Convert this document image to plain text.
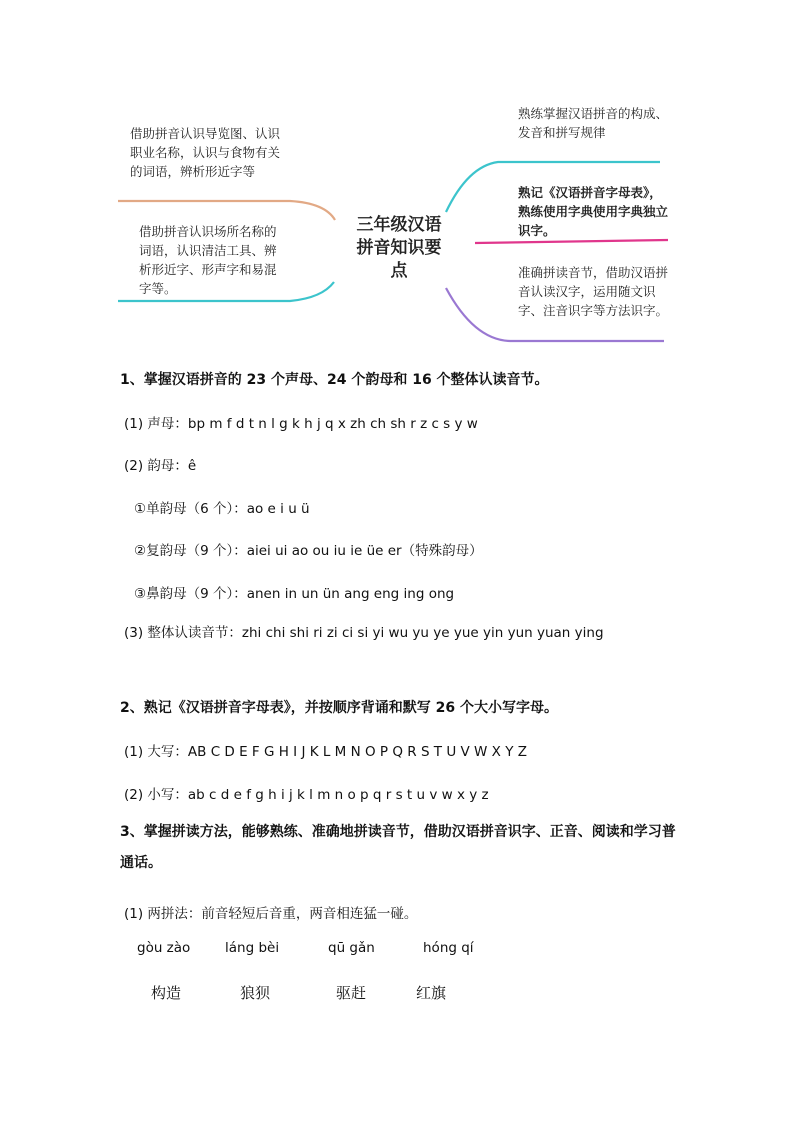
三年级汉语拼音知识要点
借助拼音认识导览图、认识职业名称，认识与食物有关的词语，辨析形近字等
借助拼音认识场所名称的词语，认识清洁工具、辨析形近字、形声字和易混字等。
熟练掌握汉语拼音的构成、发音和拼写规律
熟记《汉语拼音字母表》，熟练使用字典使用字典独立识字。
准确拼读音节，借助汉语拼音认读汉字，运用随文识字、注音识字等方法识字。
1、掌握汉语拼音的 23 个声母、24 个韵母和 16 个整体认读音节。
(1) 声母：bp m f d t n l g k h j q x zh ch sh r z c s y w
(2) 韵母：ê
①单韵母（6 个）：ao e i u ü
②复韵母（9 个）：aiei ui ao ou iu ie üe er（特殊韵母）
③鼻韵母（9 个）：anen in un ün ang eng ing ong
(3) 整体认读音节：zhi chi shi ri zi ci si yi wu yu ye yue yin yun yuan ying
2、熟记《汉语拼音字母表》，并按顺序背诵和默写 26 个大小写字母。
(1) 大写：AB C D E F G H I J K L M N O P Q R S T U V W X Y Z
(2) 小写：ab c d e f g h i j k l m n o p q r s t u v w x y z
3、掌握拼读方法，能够熟练、准确地拼读音节，借助汉语拼音识字、正音、阅读和学习普通话。
(1) 两拼法：前音轻短后音重，两音相连猛一碰。
gòu zào	láng bèi	qū gǎn	hóng qí
构造	狼狈	驱赶	红旗
